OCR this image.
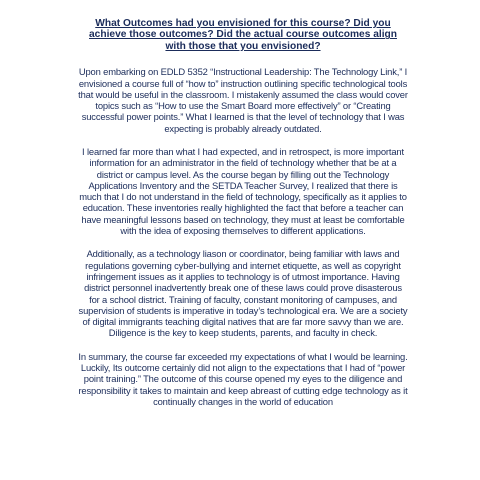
What Outcomes had you envisioned for this course? Did you achieve those outcomes? Did the actual course outcomes align with those that you envisioned?

Upon embarking on EDLD 5352 “Instructional Leadership: The Technology Link,” I envisioned a course full of “how to” instruction outlining specific technological tools that would be useful in the classroom. I mistakenly assumed the class would cover topics such as “How to use the Smart Board more effectively” or “Creating successful power points.” What I learned is that the level of technology that I was expecting is probably already outdated.

I learned far more than what I had expected, and in retrospect, is more important information for an administrator in the field of technology whether that be at a district or campus level. As the course began by filling out the Technology Applications Inventory and the SETDA Teacher Survey, I realized that there is much that I do not understand in the field of technology, specifically as it applies to education. These inventories really highlighted the fact that before a teacher can have meaningful lessons based on technology, they must at least be comfortable with the idea of exposing themselves to different applications.

Additionally, as a technology liason or coordinator, being familiar with laws and regulations governing cyber-bullying and internet etiquette, as well as copyright infringement issues as it applies to technology is of utmost importance. Having district personnel inadvertently break one of these laws could prove disasterous for a school district. Training of faculty, constant monitoring of campuses, and supervision of students is imperative in today’s technological era. We are a society of digital immigrants teaching digital natives that are far more savvy than we are. Diligence is the key to keep students, parents, and faculty in check.

In summary, the course far exceeded my expectations of what I would be learning. Luckily, Its outcome certainly did not align to the expectations that I had of “power point training.” The outcome of this course opened my eyes to the diligence and responsibility it takes to maintain and keep abreast of cutting edge technology as it continually changes in the world of education
